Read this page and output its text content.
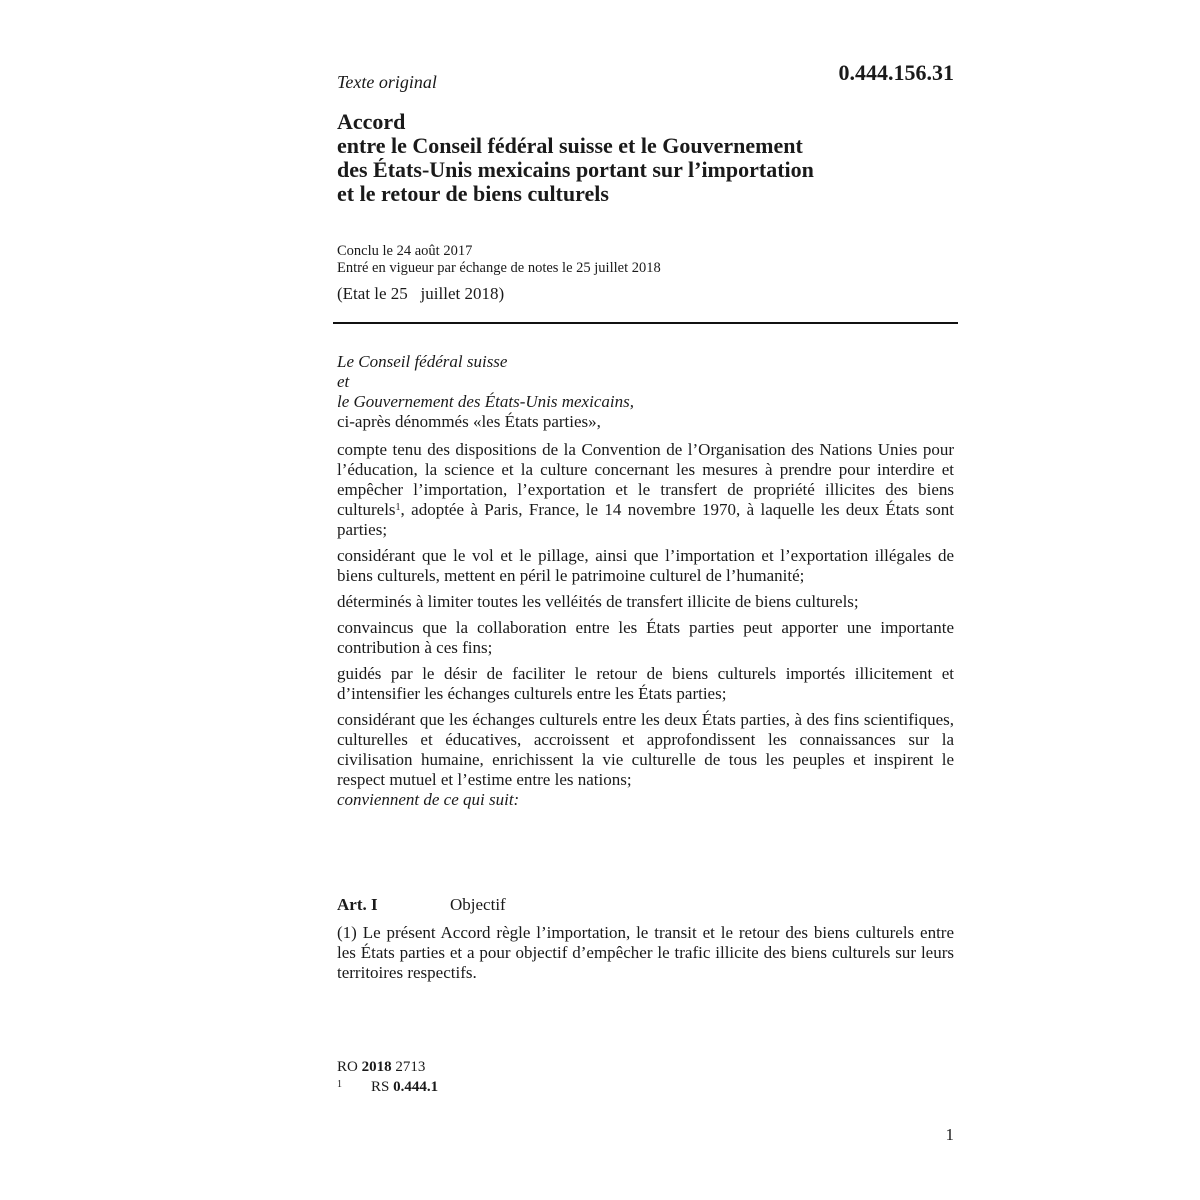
Texte original	0.444.156.31
Accord
entre le Conseil fédéral suisse et le Gouvernement
des États-Unis mexicains portant sur l’importation
et le retour de biens culturels
Conclu le 24 août 2017
Entré en vigueur par échange de notes le 25 juillet 2018
(Etat le 25   juillet 2018)
Le Conseil fédéral suisse
et
le Gouvernement des États-Unis mexicains,

ci-après dénommés «les États parties»,

compte tenu des dispositions de la Convention de l’Organisation des Nations Unies pour l’éducation, la science et la culture concernant les mesures à prendre pour interdire et empêcher l’importation, l’exportation et le transfert de propriété illicites des biens culturels$^1$, adoptée à Paris, France, le 14 novembre 1970, à laquelle les deux États sont parties;

considérant que le vol et le pillage, ainsi que l’importation et l’exportation illégales de biens culturels, mettent en péril le patrimoine culturel de l’humanité;

déterminés à limiter toutes les velléités de transfert illicite de biens culturels;

convaincus que la collaboration entre les États parties peut apporter une importante contribution à ces fins;

guidés par le désir de faciliter le retour de biens culturels importés illicitement et d’intensifier les échanges culturels entre les États parties;

considérant que les échanges culturels entre les deux États parties, à des fins scientifiques, culturelles et éducatives, accroissent et approfondissent les connaissances sur la civilisation humaine, enrichissent la vie culturelle de tous les peuples et inspirent le respect mutuel et l’estime entre les nations;

conviennent de ce qui suit:
Art. I	Objectif
(1) Le présent Accord règle l’importation, le transit et le retour des biens culturels entre les États parties et a pour objectif d’empêcher le trafic illicite des biens culturels sur leurs territoires respectifs.
RO 2018 2713
1 RS 0.444.1
1
